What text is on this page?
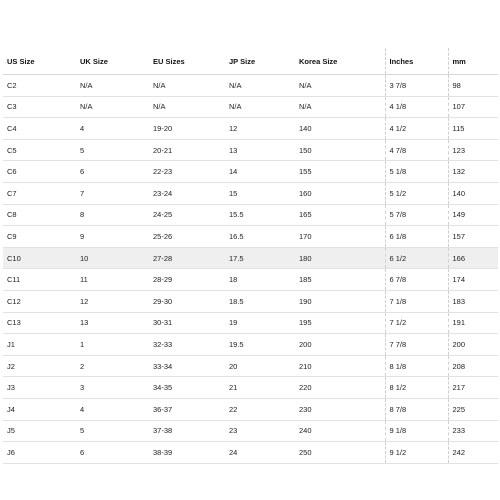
US Size	UK Size	EU Sizes	JP Size	Korea Size	Inches	mm
C2	N/A	N/A	N/A	N/A	3 7/8	98
C3	N/A	N/A	N/A	N/A	4 1/8	107
C4	4	19-20	12	140	4 1/2	115
C5	5	20-21	13	150	4 7/8	123
C6	6	22-23	14	155	5 1/8	132
C7	7	23-24	15	160	5 1/2	140
C8	8	24-25	15.5	165	5 7/8	149
C9	9	25-26	16.5	170	6 1/8	157
C10	10	27-28	17.5	180	6 1/2	166
C11	11	28-29	18	185	6 7/8	174
C12	12	29-30	18.5	190	7 1/8	183
C13	13	30-31	19	195	7 1/2	191
J1	1	32-33	19.5	200	7 7/8	200
J2	2	33-34	20	210	8 1/8	208
J3	3	34-35	21	220	8 1/2	217
J4	4	36-37	22	230	8 7/8	225
J5	5	37-38	23	240	9 1/8	233
J6	6	38-39	24	250	9 1/2	242
